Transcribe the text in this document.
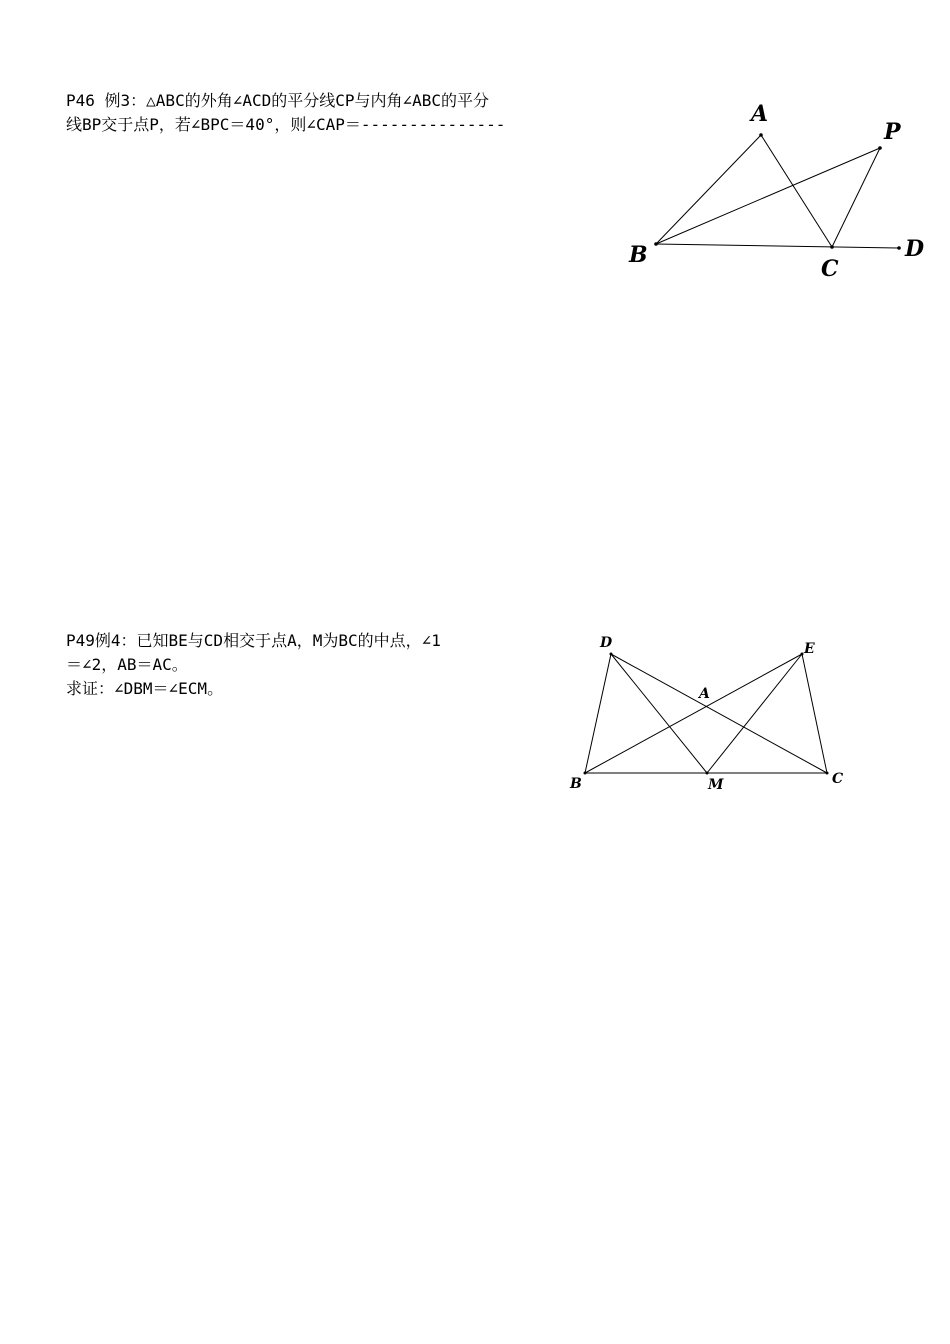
P46 例3：△ABC的外角∠ACD的平分线CP与内角∠ABC的平分
线BP交于点P，若∠BPC＝40°，则∠CAP＝---------------	A
B
C
P
D
D	E
A
B	M	C
P49例4：已知BE与CD相交于点A，M为BC的中点，∠1
＝∠2，AB＝AC。
求证：∠DBM＝∠ECM。
